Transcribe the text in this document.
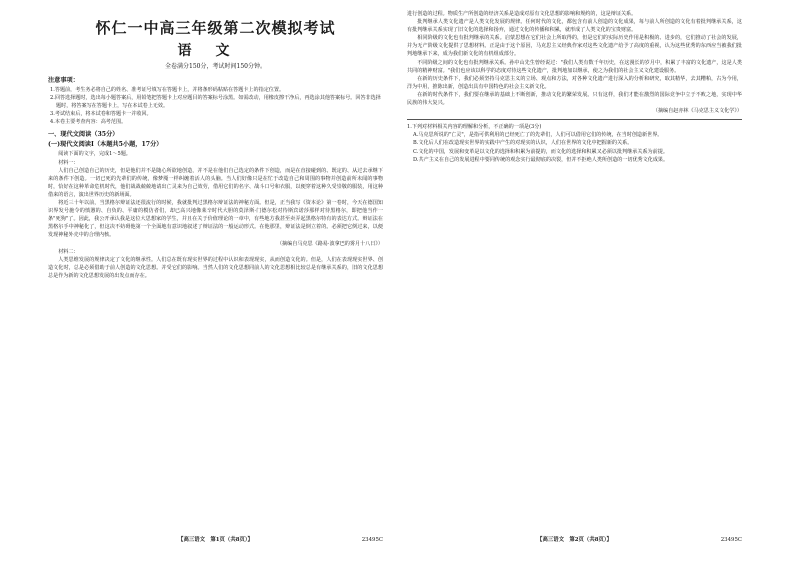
怀仁一中高三年级第二次模拟考试
语文
全卷满分150分，考试时间150分钟。
注意事项：
1.答题前，考生务必将自己的姓名、准考证号填写在答题卡上，并将条形码粘贴在答题卡上的指定位置。
2.回答选择题时，选出每小题答案后，用铅笔把答题卡上对应题目的答案标号涂黑。如需改动，用橡皮擦干净后，再选涂其他答案标号。回答非选择题时，将答案写在答题卡上，写在本试卷上无效。
3.考试结束后，将本试卷和答题卡一并收回。
4.本卷主要考查内容：高考范围。
一、现代文阅读（35分）
(一)现代文阅读Ⅰ（本题共5小题，17分）

阅读下面的文字，完成1～5题。

材料一：

人们自己创造自己的历史，但是他们并不是随心所欲地创造，并不是在他们自己选定的条件下创造，而是在直接碰到的、既定的、从过去承继下来的条件下创造。一切已死的先辈们的传统，像梦魇一样纠缠着活人的头脑。当人们好像只是在忙于改造自己和周围的事物并创造前所未闻的事物时，恰好在这种革命危机时代，他们战战兢兢地请出亡灵来为自己效劳，借用它们的名字、战斗口号和衣服，以便穿着这种久受崇敬的服装，用这种借来的语言，演出世界历史的新场面。

将近三十年以前，当黑格尔辩证法还很流行的时候，我就批判过黑格尔辩证法的神秘方面。但是，正当我写《资本论》第一卷时，今天在德国知识界发号施令的愤懑的、自负的、平庸的模仿者们，却已高兴地像莱辛时代大胆的莫泽斯·门德尔松对待斯宾诺莎那样对待黑格尔，即把他当作一条"死狗"了。因此，我公开承认我是这位大思想家的学生，并且在关于价值理论的一章中，有些地方我甚至卖弄起黑格尔特有的表达方式。辩证法在黑格尔手中神秘化了，但这决不妨碍他第一个全面地有意识地叙述了辩证法的一般运动形式。在他那里，辩证法是倒立着的。必须把它倒过来，以便发现神秘外壳中的合理内核。

（摘编自马克思《路易·波拿巴的雾月十八日》）

材料二：

人类思维发展的规律决定了文化的继承性。人们总在既有现实世界的过程中认识和表现现实，从而创造文化的。但是，人们在表现现实世界、创造文化时，总是必须借助于前人创造的文化思想。并受它们的影响。当然人们的文化思想同前人的文化思想相比较总是有继承关系的，旧的文化思想总是作为新的文化思想发展的出发点而存在。

【高三语文　第1页（共8页）】	23495C

进行创造的过程。物质生产所创造的经济关系是造成对原有文化思想的影响和规约的，这是辩证关系。

批判继承人类文化遗产是人类文化发展的规律。任何时代的文化，都包含有前人创造的文化成果，每与前人所创造的文化有着批判继承关系，这有批判继承关系实现了旧文化的选择和扬弃，通过文化的传播和积累，就形成了人类文化的宝贵财富。

相同阶级的文化也有批判继承的关系。启蒙思想在它们社会上所取得的，但是它们的实际历史作用是积极的、进步的，它们推动了社会的发展，并为无产阶级文化提供了思想材料。正是由于这个原因，马克思主义经典作家对这些文化遗产给予了高度的重视，认为这些优秀的东西应当被我们批判地继承下来，成为我们新文化的有机组成部分。

不同阶级之间的文化也有批判继承关系。孙中山先生曾经说过："我们人类有数千年历史，在这漫长的岁月中，积累了丰富的文化遗产，这是人类共同的精神财富。"我们也应该以科学的态度对待这些文化遗产，批判地加以继承，使之为我们的社会主义文化建设服务。

在新的历史条件下，我们必须坚持马克思主义的立场、观点和方法，对各种文化遗产进行深入的分析和研究，取其精华，去其糟粕，古为今用，洋为中用，推陈出新，创造出具有中国特色的社会主义新文化。

在新的时代条件下，我们要在继承的基础上不断创新，推动文化的繁荣发展。只有这样，我们才能在激烈的国际竞争中立于不败之地，实现中华民族的伟大复兴。

（摘编自赵亦林《马克思主义文化学》）

1.下列对材料相关内容的理解和分析，不正确的一项是(3分)

A.马克思所说的"亡灵"，是指可供利用的已经死亡了的先辈们，人们可以借用它们的传统，在当时创造新世界。
B.文化后人们在改造现实世界的实践中产生的对现实的认识，人们在世界的文化中把握新的关系。
C.文化的中国，发展和变革是以文化的选择和积累为前提的，而文化的选择和积累又必须以批判继承关系为前提。
D.共产主义在自己的发展进程中要同传统的观念实行最彻底的决裂，但并不拒绝人类所创造的一切优秀文化成果。
【高三语文　第2页（共8页）】	23495C
